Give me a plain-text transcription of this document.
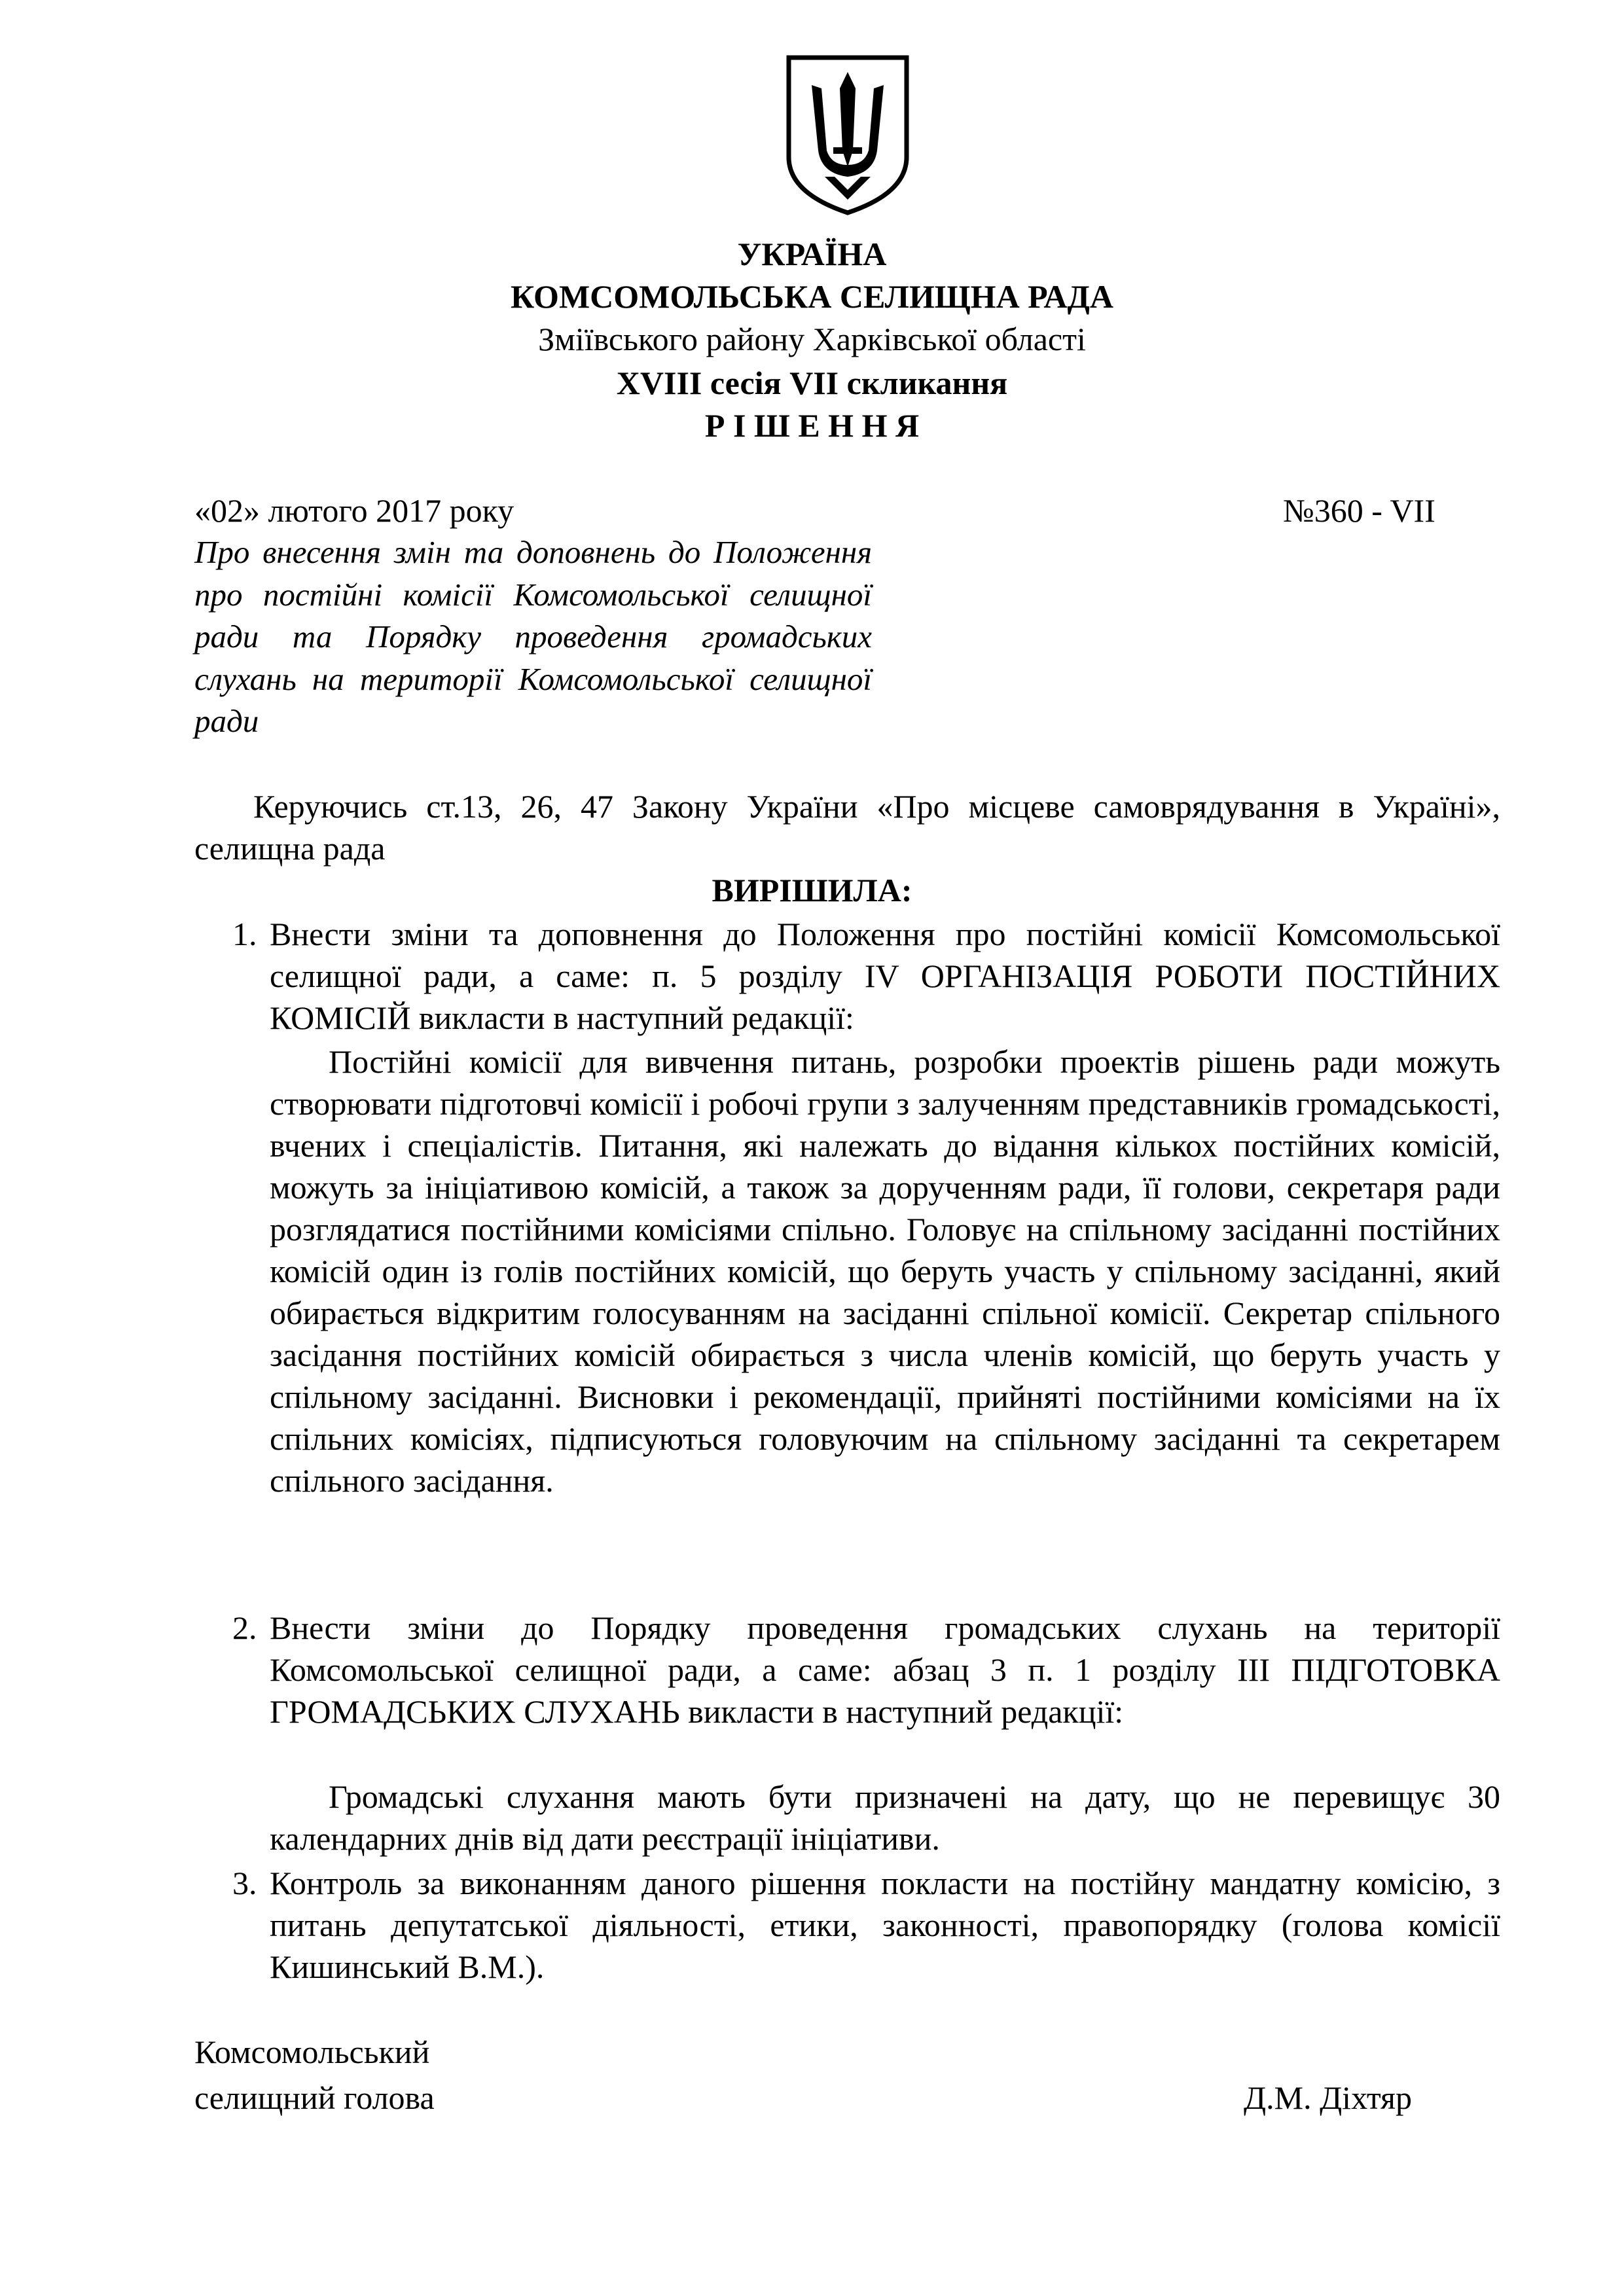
УКРАЇНА
КОМСОМОЛЬСЬКА СЕЛИЩНА РАДА
Зміївського району Харківської області
XVIII сесія VII скликання
Р І Ш Е Н Н Я
«02» лютого 2017 року	№360 - VII
Про внесення змін та доповнень до Положення про постійні комісії Комсомольської селищної ради та Порядку проведення громадських слухань на території Комсомольської селищної ради
Керуючись ст.13, 26, 47 Закону України «Про місцеве самоврядування в Україні», селищна рада
ВИРІШИЛА:
1. Внести зміни та доповнення до Положення про постійні комісії Комсомольської селищної ради, а саме: п. 5 розділу IV ОРГАНІЗАЦІЯ РОБОТИ ПОСТІЙНИХ КОМІСІЙ викласти в наступний редакції:
Постійні комісії для вивчення питань, розробки проектів рішень ради можуть створювати підготовчі комісії і робочі групи з залученням представників громадськості, вчених і спеціалістів. Питання, які належать до відання кількох постійних комісій, можуть за ініціативою комісій, а також за дорученням ради, її голови, секретаря ради розглядатися постійними комісіями спільно. Головує на спільному засіданні постійних комісій один із голів постійних комісій, що беруть участь у спільному засіданні, який обирається відкритим голосуванням на засіданні спільної комісії. Секретар спільного засідання постійних комісій обирається з числа членів комісій, що беруть участь у спільному засіданні. Висновки і рекомендації, прийняті постійними комісіями на їх спільних комісіях, підписуються головуючим на спільному засіданні та секретарем спільного засідання.
2. Внести зміни до Порядку проведення громадських слухань на території Комсомольської селищної ради, а саме: абзац 3 п. 1 розділу ІІІ ПІДГОТОВКА ГРОМАДСЬКИХ СЛУХАНЬ викласти в наступний редакції:
Громадські слухання мають бути призначені на дату, що не перевищує 30 календарних днів від дати реєстрації ініціативи.
3. Контроль за виконанням даного рішення покласти на постійну мандатну комісію, з питань депутатської діяльності, етики, законності, правопорядку (голова комісії Кишинський В.М.).
Комсомольський
селищний голова	Д.М. Діхтяр
